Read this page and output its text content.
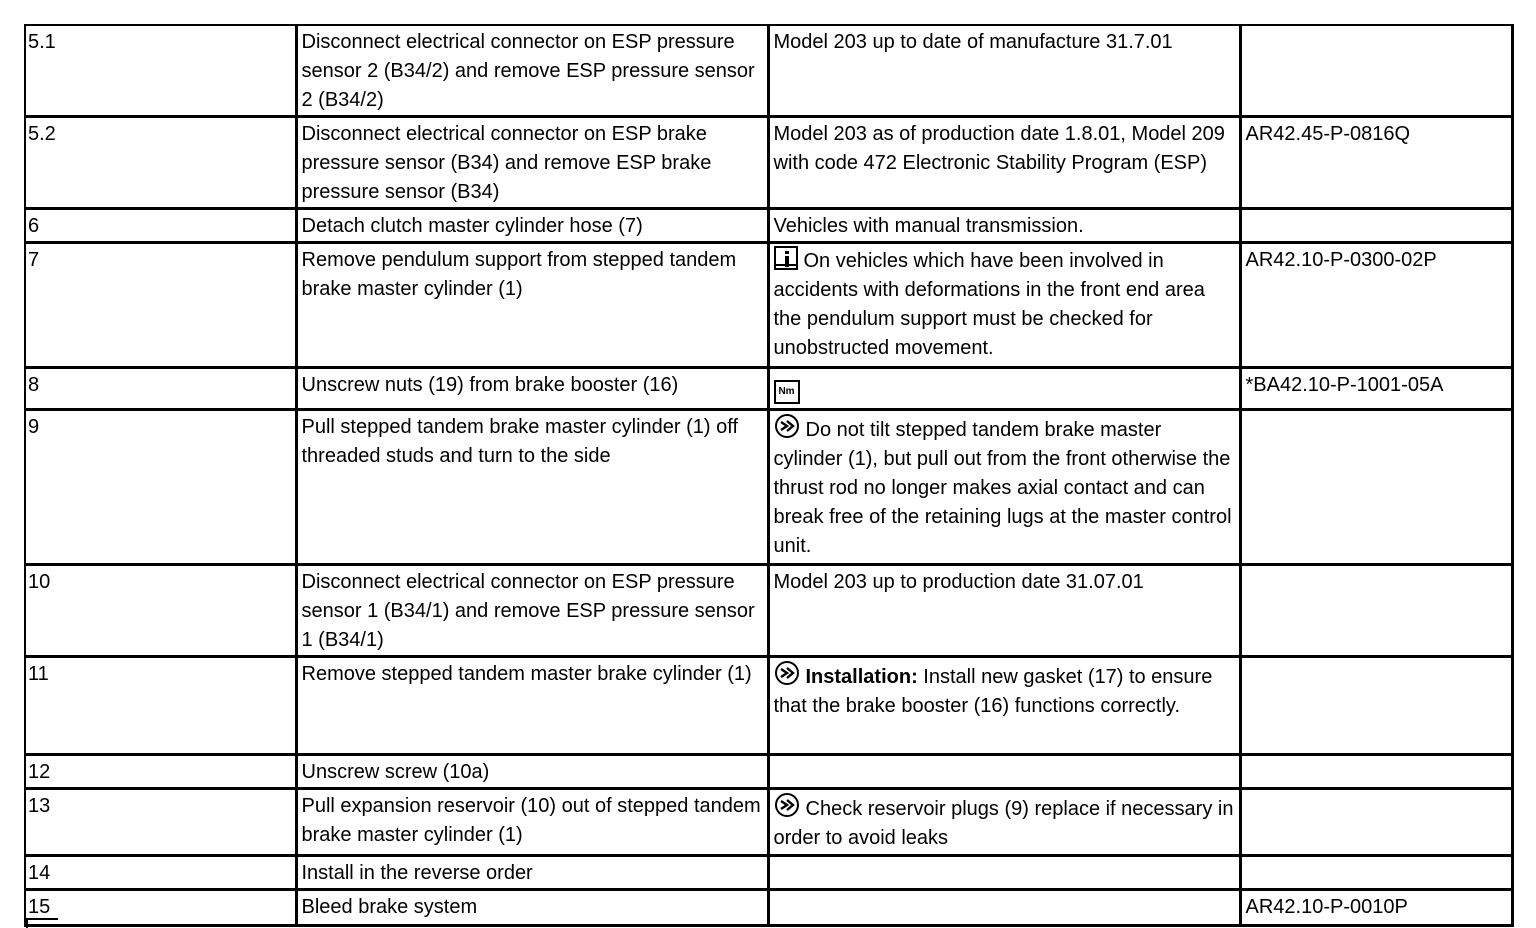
5.1	Disconnect electrical connector on ESP pressure sensor 2 (B34/2) and remove ESP pressure sensor 2 (B34/2)	Model 203 up to date of manufacture 31.7.01	
5.2	Disconnect electrical connector on ESP brake pressure sensor (B34) and remove ESP brake pressure sensor (B34)	Model 203 as of production date 1.8.01, Model 209 with code 472 Electronic Stability Program (ESP)	AR42.45-P-0816Q
6	Detach clutch master cylinder hose (7)	Vehicles with manual transmission.	
7	Remove pendulum support from stepped tandem brake master cylinder (1)	On vehicles which have been involved in accidents with deformations in the front end area the pendulum support must be checked for unobstructed movement.	AR42.10-P-0300-02P
8	Unscrew nuts (19) from brake booster (16)	Nm	*BA42.10-P-1001-05A
9	Pull stepped tandem brake master cylinder (1) off threaded studs and turn to the side	Do not tilt stepped tandem brake master cylinder (1), but pull out from the front otherwise the thrust rod no longer makes axial contact and can break free of the retaining lugs at the master control unit.	
10	Disconnect electrical connector on ESP pressure sensor 1 (B34/1) and remove ESP pressure sensor 1 (B34/1)	Model 203 up to production date 31.07.01	
11	Remove stepped tandem master brake cylinder (1)	Installation: Install new gasket (17) to ensure that the brake booster (16) functions correctly.	
12	Unscrew screw (10a)		
13	Pull expansion reservoir (10) out of stepped tandem brake master cylinder (1)	Check reservoir plugs (9) replace if necessary in order to avoid leaks	
14	Install in the reverse order		
15	Bleed brake system		AR42.10-P-0010P
